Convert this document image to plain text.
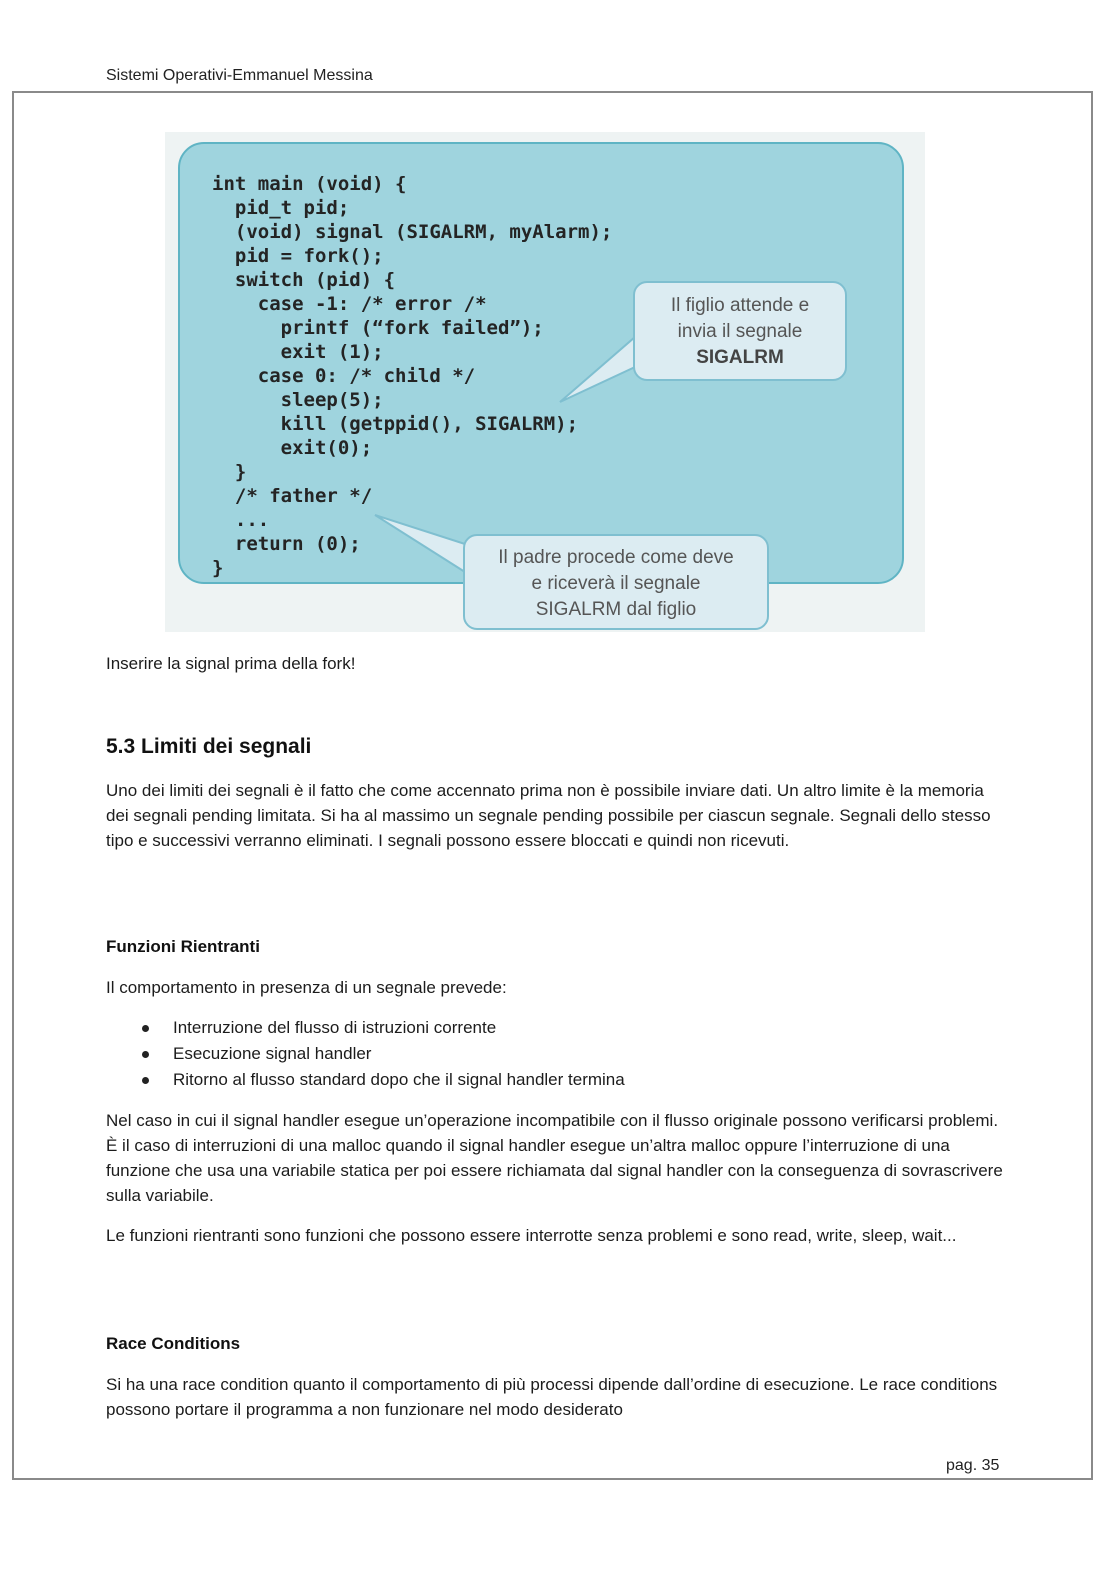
Sistemi Operativi-Emmanuel Messina
int main (void) {
pid_t pid;
(void) signal (SIGALRM, myAlarm);
pid = fork();
switch (pid) {
case -1: /* error /*
printf (“fork failed”);
exit (1);
case 0: /* child */
sleep(5);
kill (getppid(), SIGALRM);
exit(0);
}
/* father */
...
return (0);
}
Il figlio attende e
invia il segnale
SIGALRM
Il padre procede come deve
e riceverà il segnale
SIGALRM dal figlio

Inserire la signal prima della fork!

5.3 Limiti dei segnali

Uno dei limiti dei segnali è il fatto che come accennato prima non è possibile inviare dati. Un altro limite è la memoria dei segnali pending limitata. Si ha al massimo un segnale pending possibile per ciascun segnale. Segnali dello stesso tipo e successivi verranno eliminati. I segnali possono essere bloccati e quindi non ricevuti.

Funzioni Rientranti

Il comportamento in presenza di un segnale prevede:

Interruzione del flusso di istruzioni corrente
Esecuzione signal handler
Ritorno al flusso standard dopo che il signal handler termina

Nel caso in cui il signal handler esegue un’operazione incompatibile con il flusso originale possono verificarsi problemi. È il caso di interruzioni di una malloc quando il signal handler esegue un’altra malloc oppure l’interruzione di una funzione che usa una variabile statica per poi essere richiamata dal signal handler con la conseguenza di sovrascrivere sulla variabile.

Le funzioni rientranti sono funzioni che possono essere interrotte senza problemi e sono read, write, sleep, wait...

Race Conditions

Si ha una race condition quanto il comportamento di più processi dipende dall’ordine di esecuzione. Le race conditions possono portare il programma a non funzionare nel modo desiderato

pag. 35
